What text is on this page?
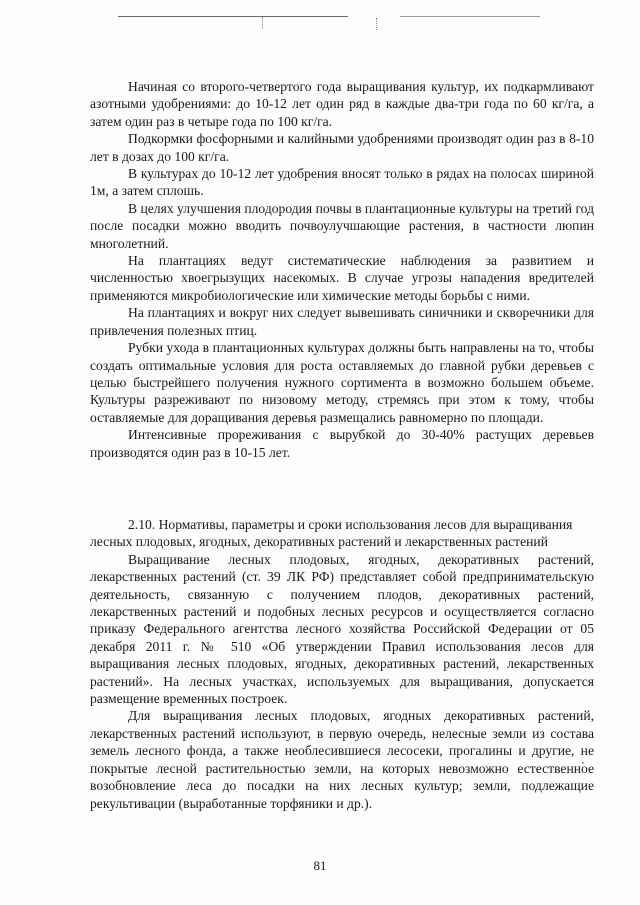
Начиная со второго-четвертого года выращивания культур, их подкармливают азотными удобрениями: до 10-12 лет один ряд в каждые два-три года по 60 кг/га, а затем один раз в четыре года по 100 кг/га.

Подкормки фосфорными и калийными удобрениями производят один раз в 8-10 лет в дозах до 100 кг/га.

В культурах до 10-12 лет удобрения вносят только в рядах на полосах шириной 1м, а затем сплошь.

В целях улучшения плодородия почвы в плантационные культуры на третий год после посадки можно вводить почвоулучшающие растения, в частности люпин многолетний.

На плантациях ведут систематические наблюдения за развитием и численностью хвоегрызущих насекомых. В случае угрозы нападения вредителей применяются микробиологические или химические методы борьбы с ними.

На плантациях и вокруг них следует вывешивать синичники и скворечники для привлечения полезных птиц.

Рубки ухода в плантационных культурах должны быть направлены на то, чтобы создать оптимальные условия для роста оставляемых до главной рубки деревьев с целью быстрейшего получения нужного сортимента в возможно большем объеме. Культуры разреживают по низовому методу, стремясь при этом к тому, чтобы оставляемые для доращивания деревья размещались равномерно по площади.

Интенсивные прореживания с вырубкой до 30-40% растущих деревьев производятся один раз в 10-15 лет.

2.10. Нормативы, параметры и сроки использования лесов для выращивания лесных плодовых, ягодных, декоративных растений и лекарственных растений

Выращивание лесных плодовых, ягодных, декоративных растений, лекарственных растений (ст. 39 ЛК РФ) представляет собой предпринимательскую деятельность, связанную с получением плодов, декоративных растений, лекарственных растений и подобных лесных ресурсов и осуществляется согласно приказу Федерального агентства лесного хозяйства Российской Федерации от 05 декабря 2011 г. № 510 «Об утверждении Правил использования лесов для выращивания лесных плодовых, ягодных, декоративных растений, лекарственных растений». На лесных участках, используемых для выращивания, допускается размещение временных построек.

Для выращивания лесных плодовых, ягодных декоративных растений, лекарственных растений используют, в первую очередь, нелесные земли из состава земель лесного фонда, а также необлесившиеся лесосеки, прогалины и другие, не покрытые лесной растительностью земли, на которых невозможно естественное возобновление леса до посадки на них лесных культур; земли, подлежащие рекультивации (выработанные торфяники и др.).

81
